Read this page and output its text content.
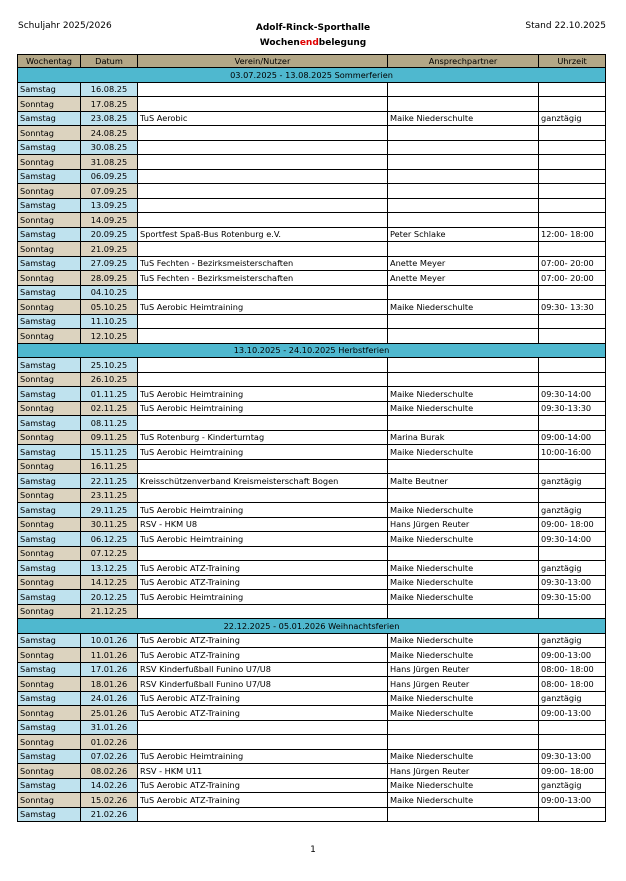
Schuljahr 2025/2026	Adolf-Rinck-Sporthalle
Wochenendbelegung
Stand 22.10.2025
Wochentag	Datum	Verein/Nutzer	Ansprechpartner	Uhrzeit
03.07.2025 - 13.08.2025 Sommerferien				
Samstag	16.08.25			
Sonntag	17.08.25			
Samstag	23.08.25	TuS Aerobic	Maike Niederschulte	ganztägig
Sonntag	24.08.25			
Samstag	30.08.25			
Sonntag	31.08.25			
Samstag	06.09.25			
Sonntag	07.09.25			
Samstag	13.09.25			
Sonntag	14.09.25			
Samstag	20.09.25	Sportfest Spaß-Bus Rotenburg e.V.	Peter Schlake	12:00- 18:00
Sonntag	21.09.25			
Samstag	27.09.25	TuS Fechten - Bezirksmeisterschaften	Anette Meyer	07:00- 20:00
Sonntag	28.09.25	TuS Fechten - Bezirksmeisterschaften	Anette Meyer	07:00- 20:00
Samstag	04.10.25			
Sonntag	05.10.25	TuS Aerobic Heimtraining	Maike Niederschulte	09:30- 13:30
Samstag	11.10.25			
Sonntag	12.10.25			
13.10.2025 - 24.10.2025 Herbstferien				
Samstag	25.10.25			
Sonntag	26.10.25			
Samstag	01.11.25	TuS Aerobic Heimtraining	Maike Niederschulte	09:30-14:00
Sonntag	02.11.25	TuS Aerobic Heimtraining	Maike Niederschulte	09:30-13:30
Samstag	08.11.25			
Sonntag	09.11.25	TuS Rotenburg - Kinderturntag	Marina Burak	09:00-14:00
Samstag	15.11.25	TuS Aerobic Heimtraining	Maike Niederschulte	10:00-16:00
Sonntag	16.11.25			
Samstag	22.11.25	Kreisschützenverband Kreismeisterschaft Bogen	Malte Beutner	ganztägig
Sonntag	23.11.25			
Samstag	29.11.25	TuS Aerobic Heimtraining	Maike Niederschulte	ganztägig
Sonntag	30.11.25	RSV - HKM U8	Hans Jürgen Reuter	09:00- 18:00
Samstag	06.12.25	TuS Aerobic Heimtraining	Maike Niederschulte	09:30-14:00
Sonntag	07.12.25			
Samstag	13.12.25	TuS Aerobic ATZ-Training	Maike Niederschulte	ganztägig
Sonntag	14.12.25	TuS Aerobic ATZ-Training	Maike Niederschulte	09:30-13:00
Samstag	20.12.25	TuS Aerobic Heimtraining	Maike Niederschulte	09:30-15:00
Sonntag	21.12.25			
22.12.2025 - 05.01.2026 Weihnachtsferien				
Samstag	10.01.26	TuS Aerobic ATZ-Training	Maike Niederschulte	ganztägig
Sonntag	11.01.26	TuS Aerobic ATZ-Training	Maike Niederschulte	09:00-13:00
Samstag	17.01.26	RSV Kinderfußball Funino U7/U8	Hans Jürgen Reuter	08:00- 18:00
Sonntag	18.01.26	RSV Kinderfußball Funino U7/U8	Hans Jürgen Reuter	08:00- 18:00
Samstag	24.01.26	TuS Aerobic ATZ-Training	Maike Niederschulte	ganztägig
Sonntag	25.01.26	TuS Aerobic ATZ-Training	Maike Niederschulte	09:00-13:00
Samstag	31.01.26			
Sonntag	01.02.26			
Samstag	07.02.26	TuS Aerobic Heimtraining	Maike Niederschulte	09:30-13:00
Sonntag	08.02.26	RSV - HKM U11	Hans Jürgen Reuter	09:00- 18:00
Samstag	14.02.26	TuS Aerobic ATZ-Training	Maike Niederschulte	ganztägig
Sonntag	15.02.26	TuS Aerobic ATZ-Training	Maike Niederschulte	09:00-13:00
Samstag	21.02.26			
1
